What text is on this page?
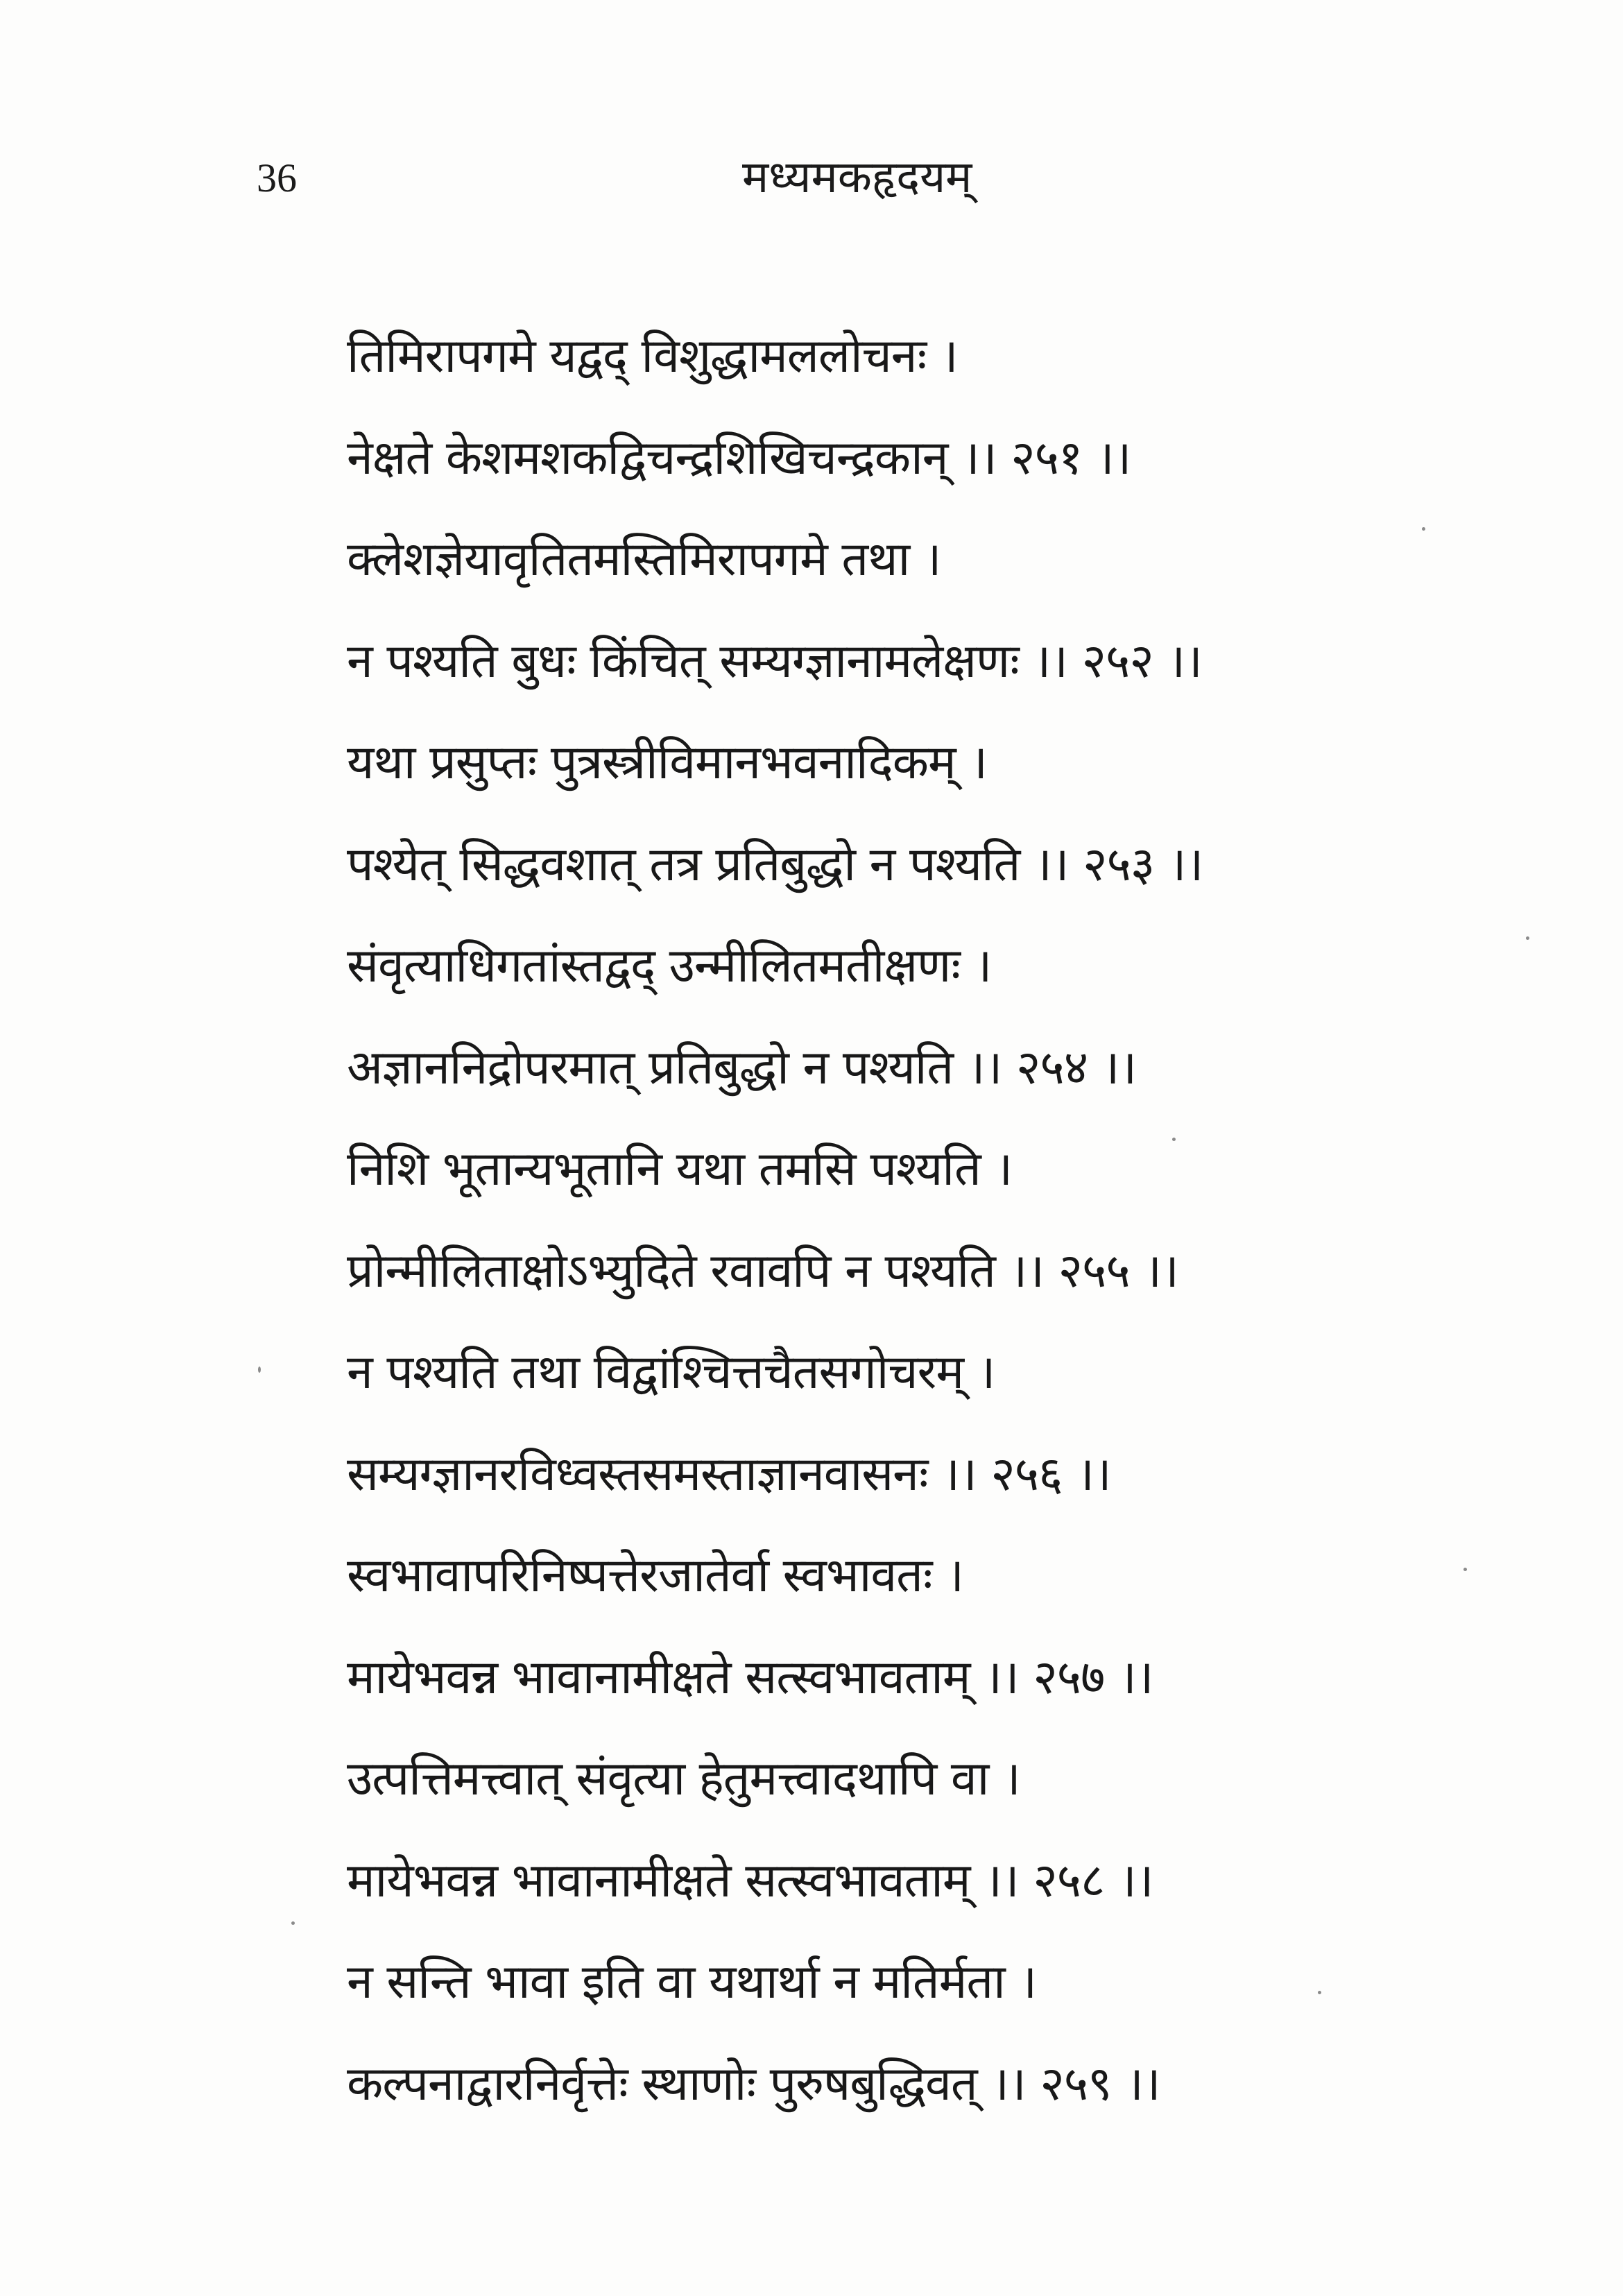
36	मध्यमकहृदयम्
तिमिरापगमे यद्वद् विशुद्धामललोचनः ।
नेक्षते केशमशकद्विचन्द्रशिखिचन्द्रकान् ।। २५१ ।।
क्लेशज्ञेयावृतितमस्तिमिरापगमे तथा ।
न पश्यति बुधः किंचित् सम्यग्ज्ञानामलेक्षणः ।। २५२ ।।
यथा प्रसुप्तः पुत्रस्त्रीविमानभवनादिकम् ।
पश्येत् सिद्धवशात् तत्र प्रतिबुद्धो न पश्यति ।। २५३ ।।
संवृत्याधिगतांस्तद्वद् उन्मीलितमतीक्षणः ।
अज्ञाननिद्रोपरमात् प्रतिबुद्धो न पश्यति ।। २५४ ।।
निशि भूतान्यभूतानि यथा तमसि पश्यति ।
प्रोन्मीलिताक्षोऽभ्युदिते रवावपि न पश्यति ।। २५५ ।।
न पश्यति तथा विद्वांश्चित्तचैतसगोचरम् ।
सम्यग्ज्ञानरविध्वस्तसमस्ताज्ञानवासनः ।। २५६ ।।
स्वभावापरिनिष्पत्तेरजातेर्वा स्वभावतः ।
मायेभवन्न भावानामीक्षते सत्स्वभावताम् ।। २५७ ।।
उत्पत्तिमत्त्वात् संवृत्या हेतुमत्त्वादथापि वा ।
मायेभवन्न भावानामीक्षते सत्स्वभावताम् ।। २५८ ।।
न सन्ति भावा इति वा यथार्था न मतिर्मता ।
कल्पनाद्वारनिर्वृत्तेः स्थाणोः पुरुषबुद्धिवत् ।। २५९ ।।
